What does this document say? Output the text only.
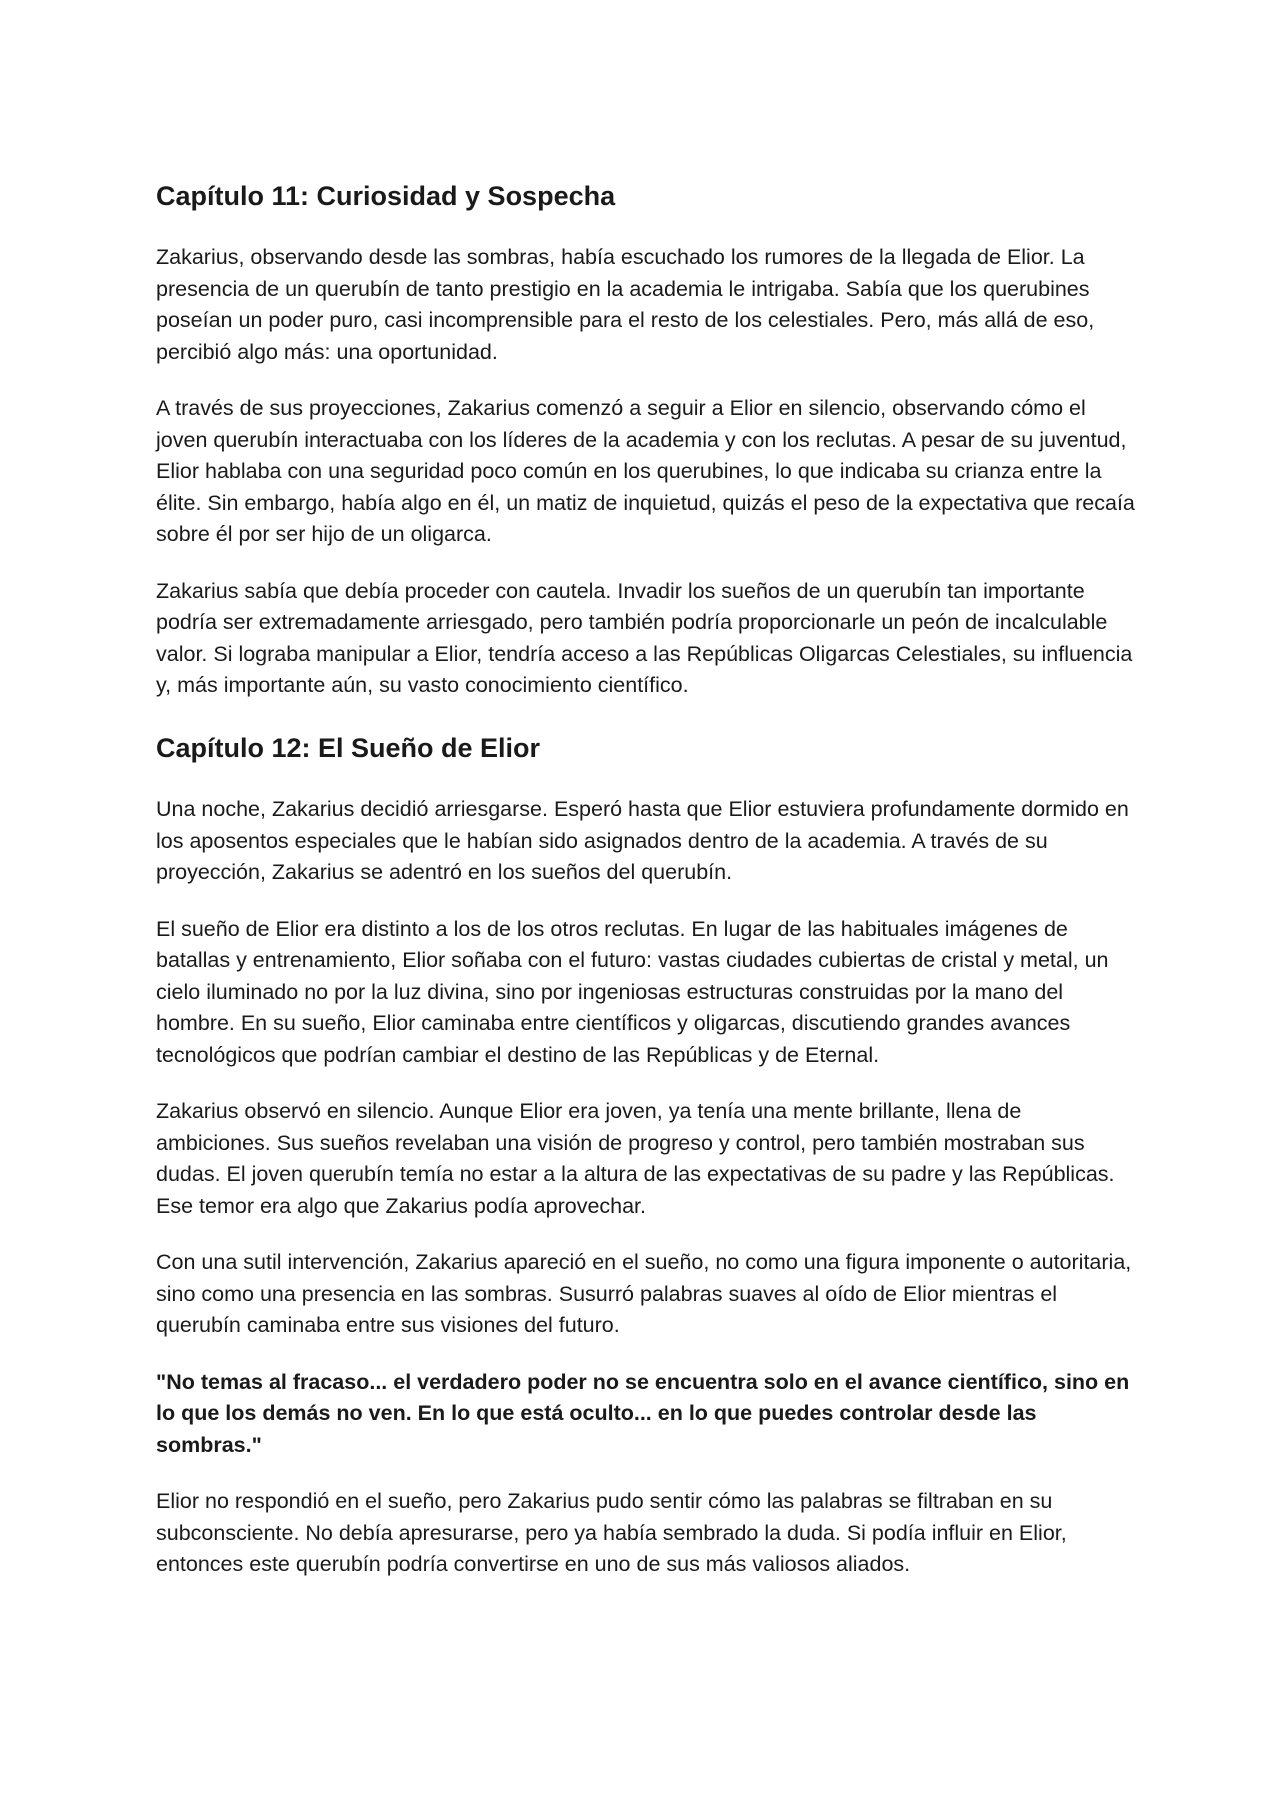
Capítulo 11: Curiosidad y Sospecha

Zakarius, observando desde las sombras, había escuchado los rumores de la llegada de Elior. La presencia de un querubín de tanto prestigio en la academia le intrigaba. Sabía que los querubines poseían un poder puro, casi incomprensible para el resto de los celestiales. Pero, más allá de eso, percibió algo más: una oportunidad.

A través de sus proyecciones, Zakarius comenzó a seguir a Elior en silencio, observando cómo el joven querubín interactuaba con los líderes de la academia y con los reclutas. A pesar de su juventud, Elior hablaba con una seguridad poco común en los querubines, lo que indicaba su crianza entre la élite. Sin embargo, había algo en él, un matiz de inquietud, quizás el peso de la expectativa que recaía sobre él por ser hijo de un oligarca.

Zakarius sabía que debía proceder con cautela. Invadir los sueños de un querubín tan importante podría ser extremadamente arriesgado, pero también podría proporcionarle un peón de incalculable valor. Si lograba manipular a Elior, tendría acceso a las Repúblicas Oligarcas Celestiales, su influencia y, más importante aún, su vasto conocimiento científico.

Capítulo 12: El Sueño de Elior

Una noche, Zakarius decidió arriesgarse. Esperó hasta que Elior estuviera profundamente dormido en los aposentos especiales que le habían sido asignados dentro de la academia. A través de su proyección, Zakarius se adentró en los sueños del querubín.

El sueño de Elior era distinto a los de los otros reclutas. En lugar de las habituales imágenes de batallas y entrenamiento, Elior soñaba con el futuro: vastas ciudades cubiertas de cristal y metal, un cielo iluminado no por la luz divina, sino por ingeniosas estructuras construidas por la mano del hombre. En su sueño, Elior caminaba entre científicos y oligarcas, discutiendo grandes avances tecnológicos que podrían cambiar el destino de las Repúblicas y de Eternal.

Zakarius observó en silencio. Aunque Elior era joven, ya tenía una mente brillante, llena de ambiciones. Sus sueños revelaban una visión de progreso y control, pero también mostraban sus dudas. El joven querubín temía no estar a la altura de las expectativas de su padre y las Repúblicas. Ese temor era algo que Zakarius podía aprovechar.

Con una sutil intervención, Zakarius apareció en el sueño, no como una figura imponente o autoritaria, sino como una presencia en las sombras. Susurró palabras suaves al oído de Elior mientras el querubín caminaba entre sus visiones del futuro.

"No temas al fracaso... el verdadero poder no se encuentra solo en el avance científico, sino en lo que los demás no ven. En lo que está oculto... en lo que puedes controlar desde las sombras."

Elior no respondió en el sueño, pero Zakarius pudo sentir cómo las palabras se filtraban en su subconsciente. No debía apresurarse, pero ya había sembrado la duda. Si podía influir en Elior, entonces este querubín podría convertirse en uno de sus más valiosos aliados.
